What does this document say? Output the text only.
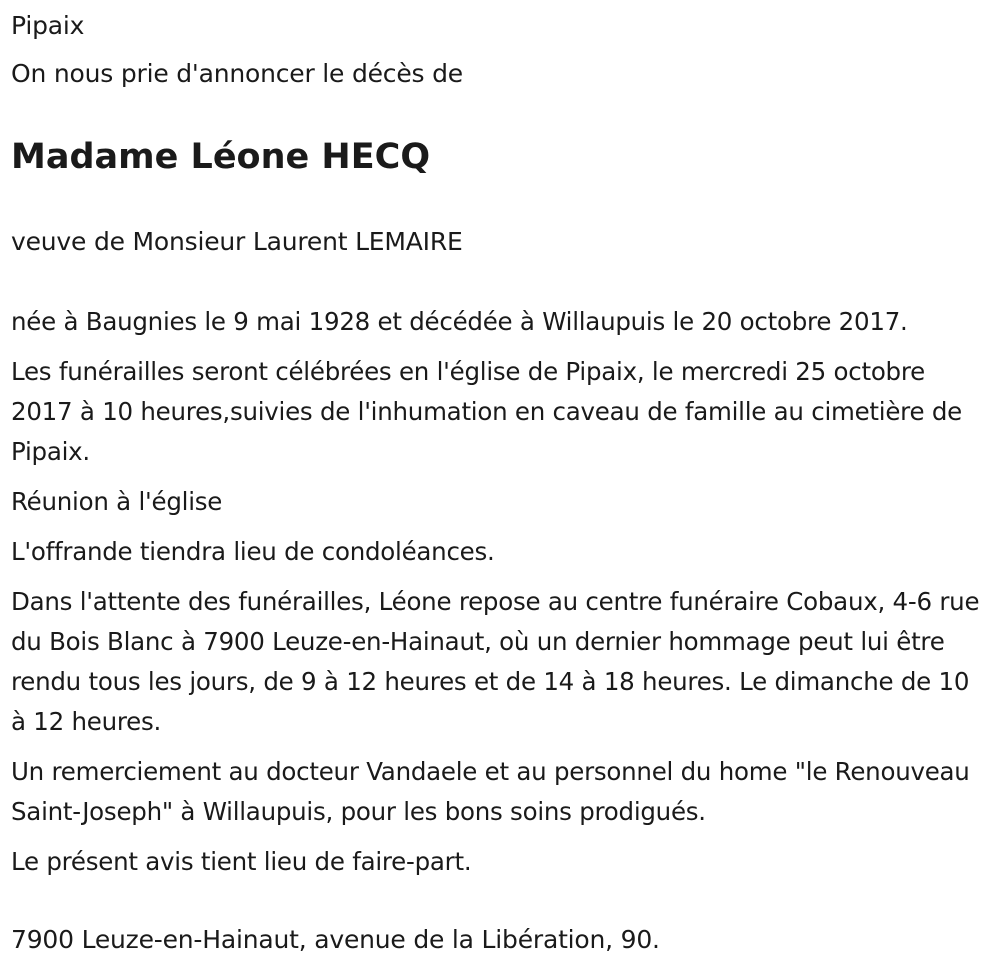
Pipaix

On nous prie d'annoncer le décès de

Madame Léone HECQ

veuve de Monsieur Laurent LEMAIRE

née à Baugnies le 9 mai 1928 et décédée à Willaupuis le 20 octobre 2017.

Les funérailles seront célébrées en l'église de Pipaix, le mercredi 25 octobre 2017 à 10 heures,suivies de l'inhumation en caveau de famille au cimetière de Pipaix.

Réunion à l'église

L'offrande tiendra lieu de condoléances.

Dans l'attente des funérailles, Léone repose au centre funéraire Cobaux, 4-6 rue du Bois Blanc à 7900 Leuze-en-Hainaut, où un dernier hommage peut lui être rendu tous les jours, de 9 à 12 heures et de 14 à 18 heures. Le dimanche de 10 à 12 heures.

Un remerciement au docteur Vandaele et au personnel du home "le Renouveau Saint-Joseph" à Willaupuis, pour les bons soins prodigués.

Le présent avis tient lieu de faire-part.

7900 Leuze-en-Hainaut, avenue de la Libération, 90.
